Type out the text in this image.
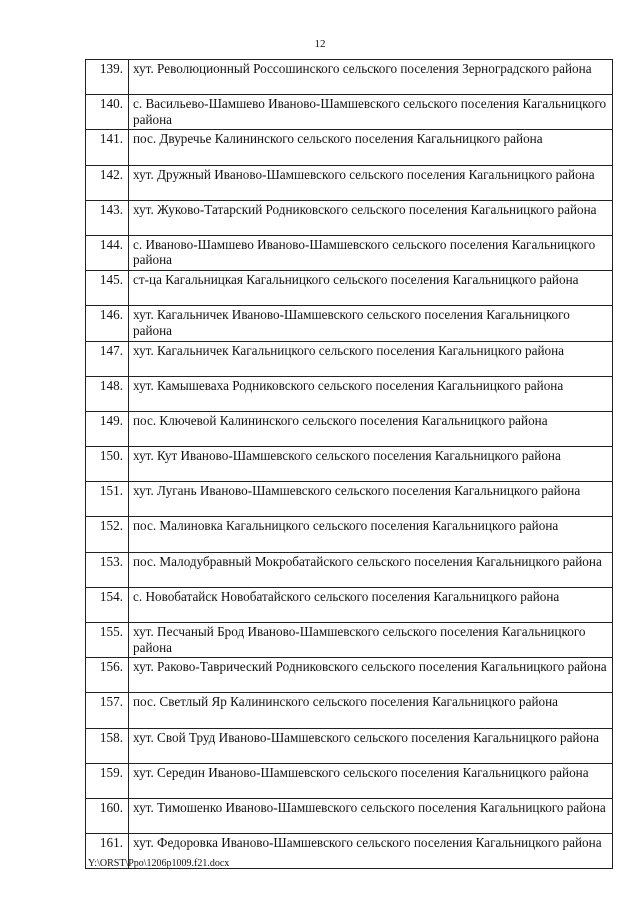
12
139.	хут. Революционный Россошинского сельского поселения Зерноградского района
140.	с. Васильево-Шамшево Иваново-Шамшевского сельского поселения Кагальницкого района
141.	пос. Двуречье Калининского сельского поселения Кагальницкого района
142.	хут. Дружный Иваново-Шамшевского сельского поселения Кагальницкого района
143.	хут. Жуково-Татарский Родниковского сельского поселения Кагальницкого района
144.	с. Иваново-Шамшево Иваново-Шамшевского сельского поселения Кагальницкого района
145.	ст-ца Кагальницкая Кагальницкого сельского поселения Кагальницкого района
146.	хут. Кагальничек Иваново-Шамшевского сельского поселения Кагальницкого района
147.	хут. Кагальничек Кагальницкого сельского поселения Кагальницкого района
148.	хут. Камышеваха Родниковского сельского поселения Кагальницкого района
149.	пос. Ключевой Калининского сельского поселения Кагальницкого района
150.	хут. Кут Иваново-Шамшевского сельского поселения Кагальницкого района
151.	хут. Лугань Иваново-Шамшевского сельского поселения Кагальницкого района
152.	пос. Малиновка Кагальницкого сельского поселения Кагальницкого района
153.	пос. Малодубравный Мокробатайского сельского поселения Кагальницкого района
154.	с. Новобатайск Новобатайского сельского поселения Кагальницкого района
155.	хут. Песчаный Брод Иваново-Шамшевского сельского поселения Кагальницкого района
156.	хут. Раково-Таврический Родниковского сельского поселения Кагальницкого района
157.	пос. Светлый Яр Калининского сельского поселения Кагальницкого района
158.	хут. Свой Труд Иваново-Шамшевского сельского поселения Кагальницкого района
159.	хут. Середин Иваново-Шамшевского сельского поселения Кагальницкого района
160.	хут. Тимошенко Иваново-Шамшевского сельского поселения Кагальницкого района
161.	хут. Федоровка Иваново-Шамшевского сельского поселения Кагальницкого района
Y:\ORST\Ppo\1206p1009.f21.docx
